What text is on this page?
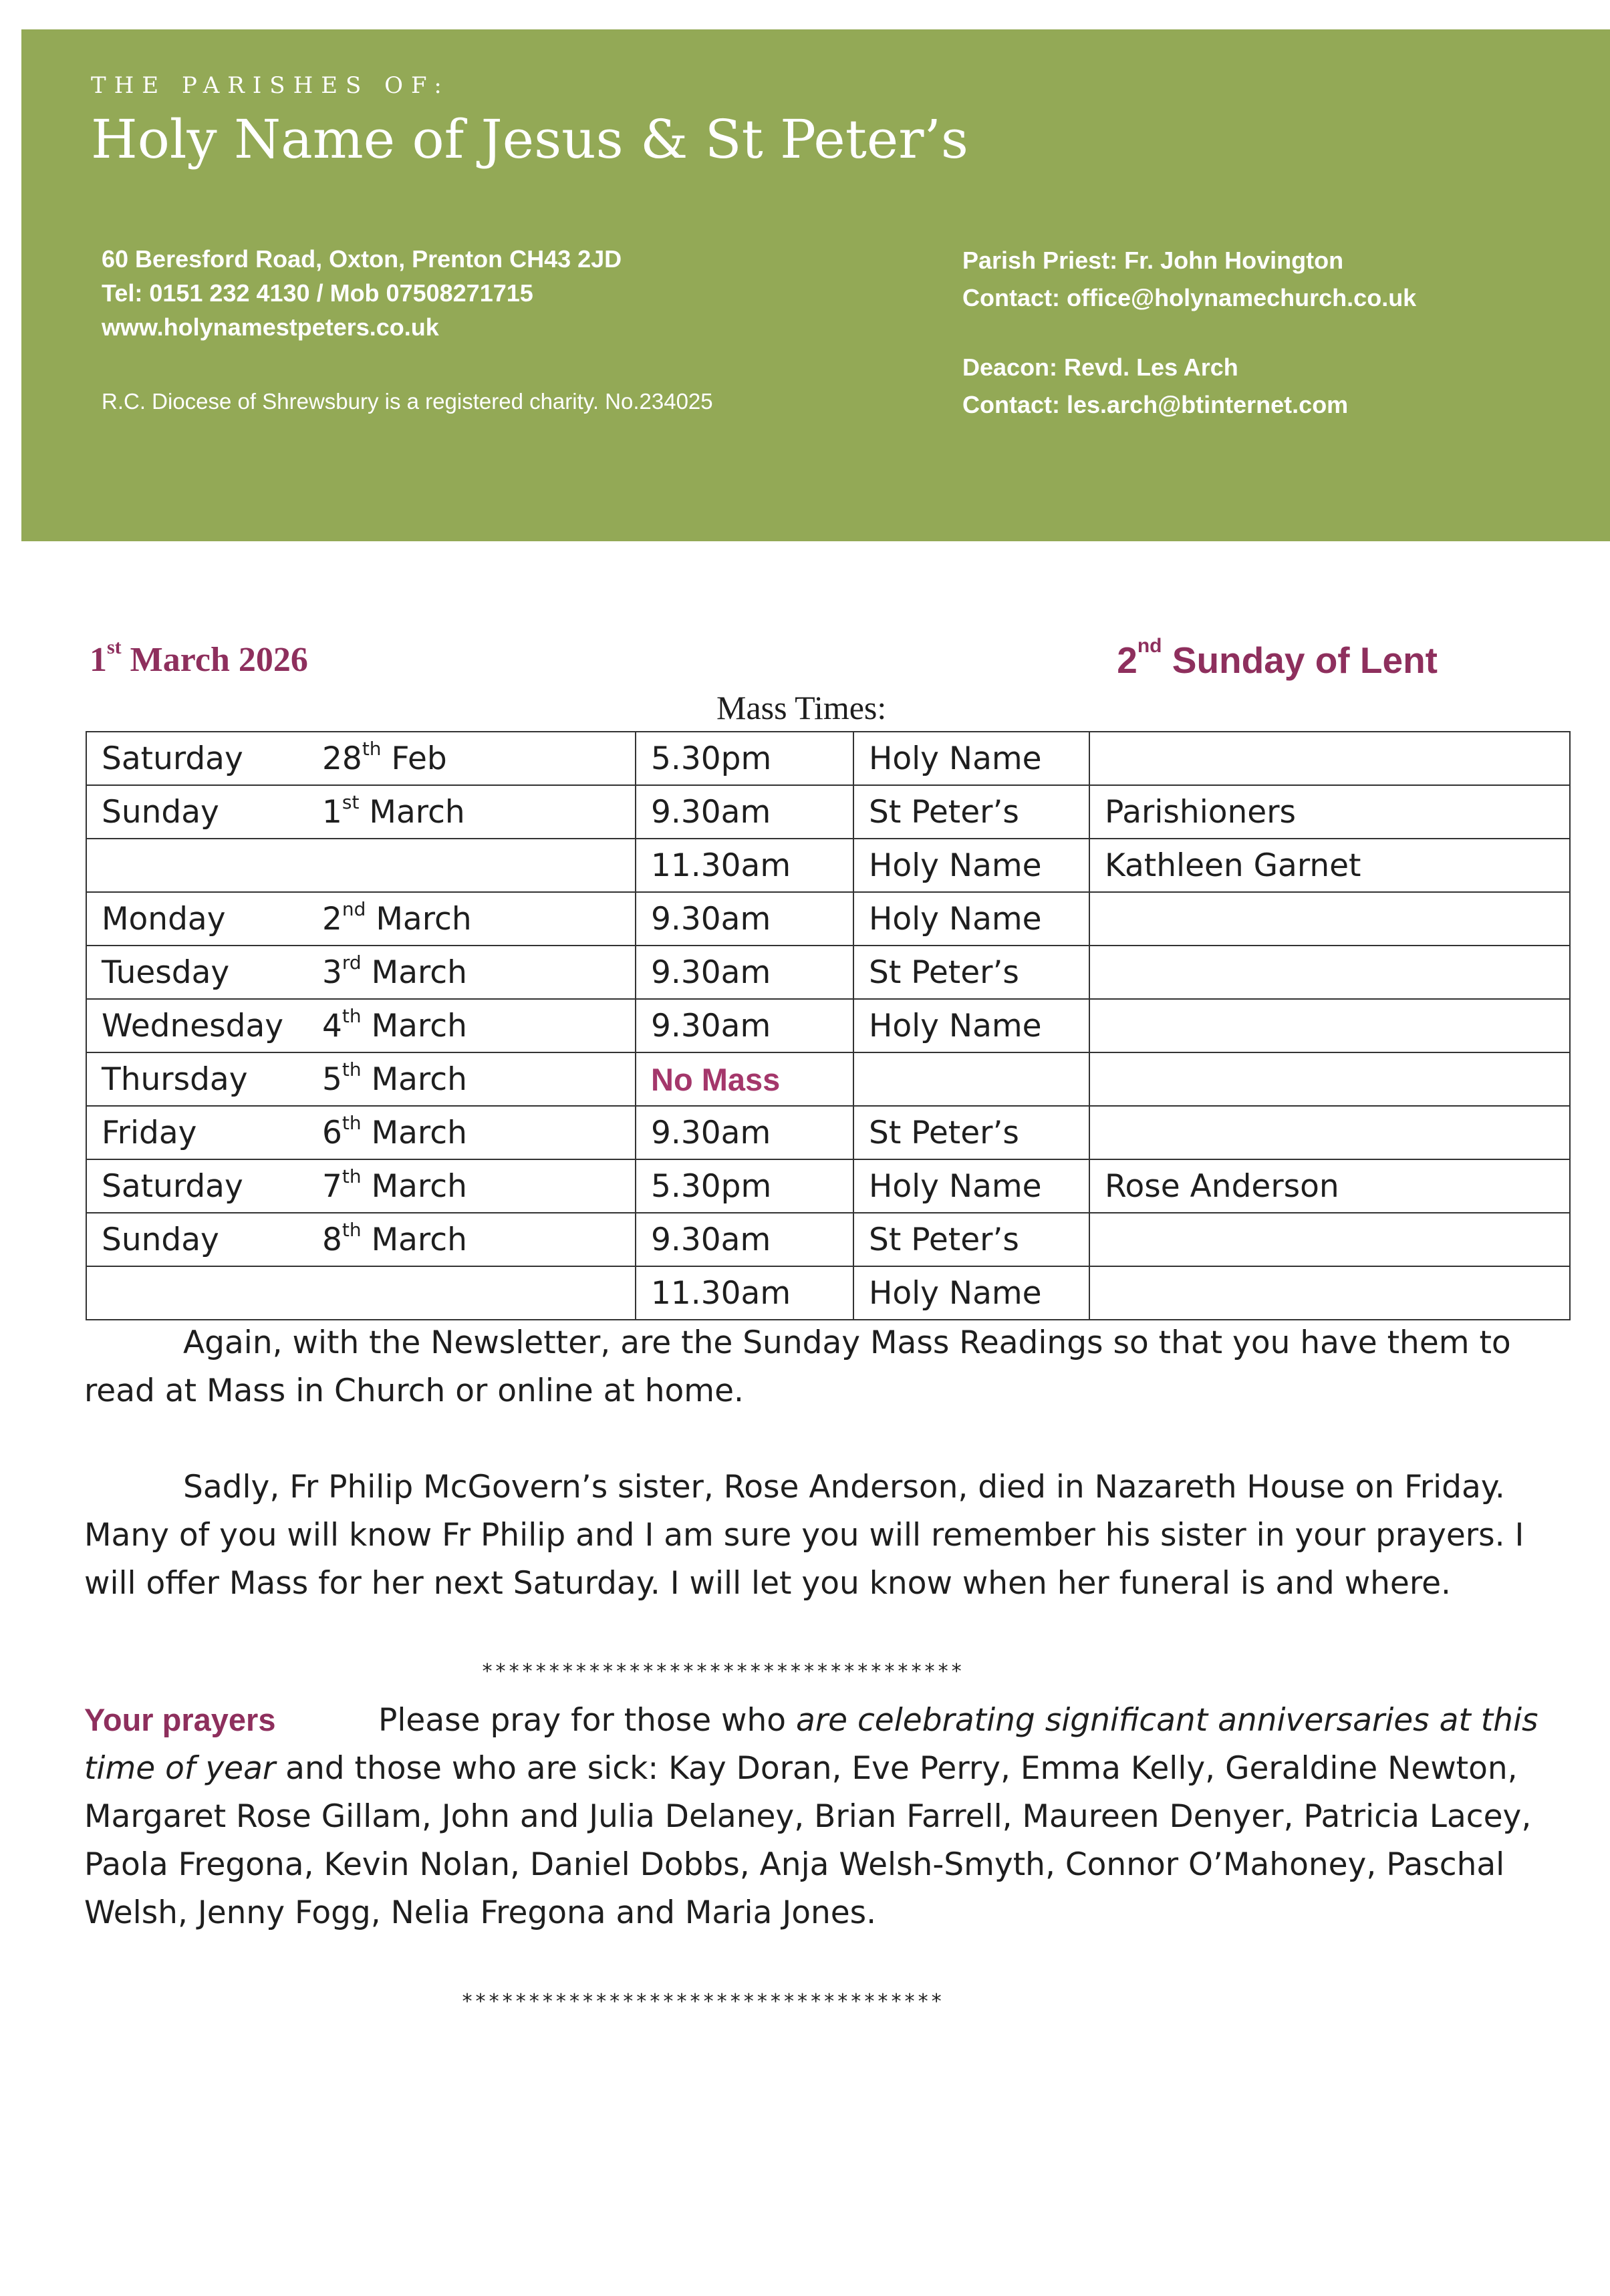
THE PARISHES OF:
Holy Name of Jesus & St Peter’s
60 Beresford Road, Oxton, Prenton CH43 2JD
Tel: 0151 232 4130 / Mob 07508271715
www.holynamestpeters.co.uk
R.C. Diocese of Shrewsbury is a registered charity. No.234025
Parish Priest: Fr. John Hovington
Contact: office@holynamechurch.co.uk
Deacon: Revd. Les Arch
Contact: les.arch@btinternet.com
1st March 2026	2nd Sunday of Lent
Mass Times:
Saturday 28th Feb	5.30pm	Holy Name	
Sunday 1st March	9.30am	St Peter’s	Parishioners
	11.30am	Holy Name	Kathleen Garnet
Monday 2nd March	9.30am	Holy Name	
Tuesday 3rd March	9.30am	St Peter’s	
Wednesday 4th March	9.30am	Holy Name	
Thursday 5th March	No Mass		
Friday 6th March	9.30am	St Peter’s	
Saturday 7th March	5.30pm	Holy Name	Rose Anderson
Sunday 8th March	9.30am	St Peter’s	
	11.30am	Holy Name	
Again, with the Newsletter, are the Sunday Mass Readings so that you have them to read at Mass in Church or online at home.
Sadly, Fr Philip McGovern’s sister, Rose Anderson, died in Nazareth House on Friday. Many of you will know Fr Philip and I am sure you will remember his sister in your prayers. I will offer Mass for her next Saturday. I will let you know when her funeral is and where.
************************************
Your prayers	Please pray for those who are celebrating significant anniversaries at this time of year and those who are sick: Kay Doran, Eve Perry, Emma Kelly, Geraldine Newton, Margaret Rose Gillam, John and Julia Delaney, Brian Farrell, Maureen Denyer, Patricia Lacey, Paola Fregona, Kevin Nolan, Daniel Dobbs, Anja Welsh-Smyth, Connor O’Mahoney, Paschal Welsh, Jenny Fogg, Nelia Fregona and Maria Jones.
************************************
